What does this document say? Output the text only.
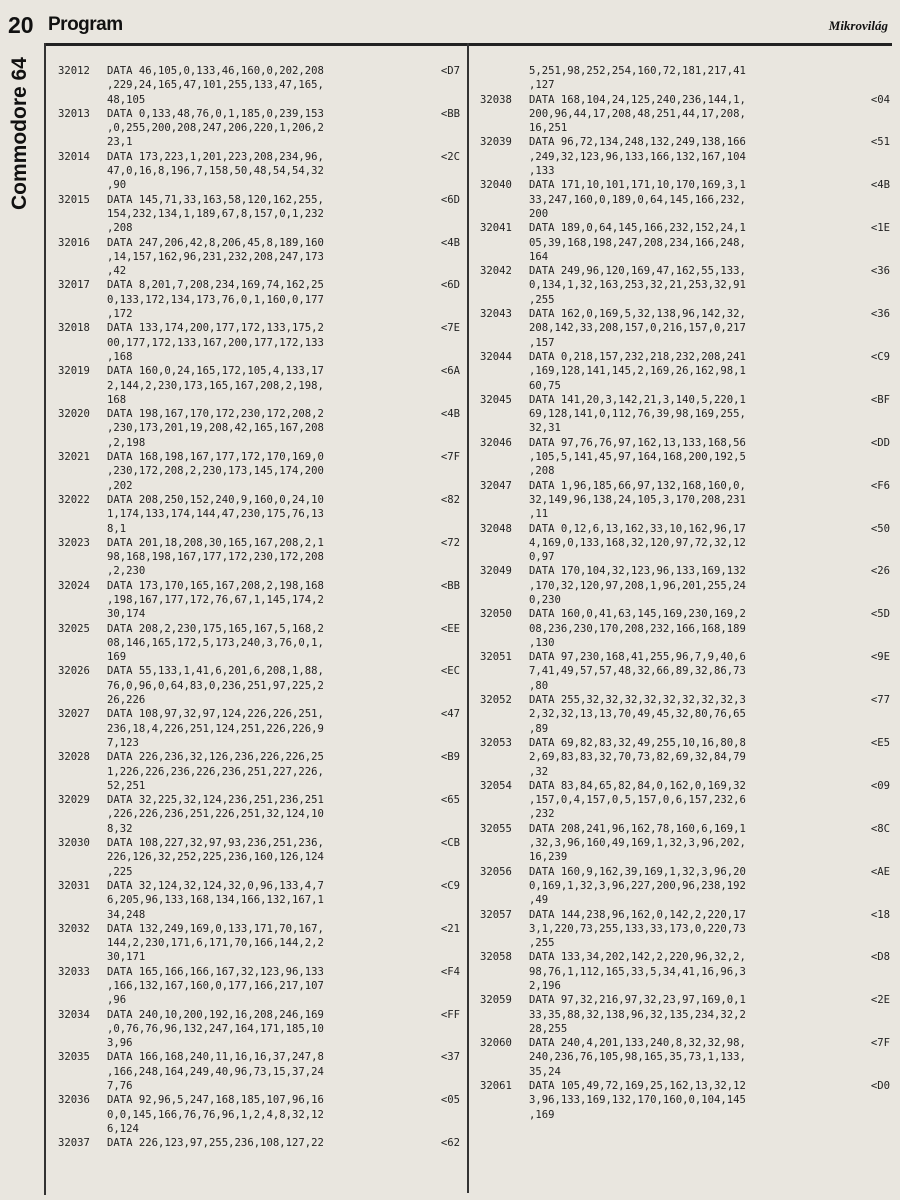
20 Program	Mikrovilág
Commodore 64	32012	<D7
DATA 46,105,0,133,46,160,0,202,208
,229,24,165,47,101,255,133,47,165,
48,105
32013	<BB
DATA 0,133,48,76,0,1,185,0,239,153
,0,255,200,208,247,206,220,1,206,2
23,1
32014	<2C
DATA 173,223,1,201,223,208,234,96,
47,0,16,8,196,7,158,50,48,54,54,32
,90
32015	<6D
DATA 145,71,33,163,58,120,162,255,
154,232,134,1,189,67,8,157,0,1,232
,208
32016	<4B
DATA 247,206,42,8,206,45,8,189,160
,14,157,162,96,231,232,208,247,173
,42
32017	<6D
DATA 8,201,7,208,234,169,74,162,25
0,133,172,134,173,76,0,1,160,0,177
,172
32018	<7E
DATA 133,174,200,177,172,133,175,2
00,177,172,133,167,200,177,172,133
,168
32019	<6A
DATA 160,0,24,165,172,105,4,133,17
2,144,2,230,173,165,167,208,2,198,
168
32020	<4B
DATA 198,167,170,172,230,172,208,2
,230,173,201,19,208,42,165,167,208
,2,198
32021	<7F
DATA 168,198,167,177,172,170,169,0
,230,172,208,2,230,173,145,174,200
,202
32022	<82
DATA 208,250,152,240,9,160,0,24,10
1,174,133,174,144,47,230,175,76,13
8,1
32023	<72
DATA 201,18,208,30,165,167,208,2,1
98,168,198,167,177,172,230,172,208
,2,230
32024	<BB
DATA 173,170,165,167,208,2,198,168
,198,167,177,172,76,67,1,145,174,2
30,174
32025	<EE
DATA 208,2,230,175,165,167,5,168,2
08,146,165,172,5,173,240,3,76,0,1,
169
32026	<EC
DATA 55,133,1,41,6,201,6,208,1,88,
76,0,96,0,64,83,0,236,251,97,225,2
26,226
32027	<47
DATA 108,97,32,97,124,226,226,251,
236,18,4,226,251,124,251,226,226,9
7,123
32028	<B9
DATA 226,236,32,126,236,226,226,25
1,226,226,236,226,236,251,227,226,
52,251
32029	<65
DATA 32,225,32,124,236,251,236,251
,226,226,236,251,226,251,32,124,10
8,32
32030	<CB
DATA 108,227,32,97,93,236,251,236,
226,126,32,252,225,236,160,126,124
,225
32031	<C9
DATA 32,124,32,124,32,0,96,133,4,7
6,205,96,133,168,134,166,132,167,1
34,248
32032	<21
DATA 132,249,169,0,133,171,70,167,
144,2,230,171,6,171,70,166,144,2,2
30,171
32033	<F4
DATA 165,166,166,167,32,123,96,133
,166,132,167,160,0,177,166,217,107
,96
32034	<FF
DATA 240,10,200,192,16,208,246,169
,0,76,76,96,132,247,164,171,185,10
3,96
32035	<37
DATA 166,168,240,11,16,16,37,247,8
,166,248,164,249,40,96,73,15,37,24
7,76
32036	<05
DATA 92,96,5,247,168,185,107,96,16
0,0,145,166,76,76,96,1,2,4,8,32,12
6,124
32037	<62
DATA 226,123,97,255,236,108,127,22
5,251,98,252,254,160,72,181,217,41
,127
32038	<04
DATA 168,104,24,125,240,236,144,1,
200,96,44,17,208,48,251,44,17,208,
16,251
32039	<51
DATA 96,72,134,248,132,249,138,166
,249,32,123,96,133,166,132,167,104
,133
32040	<4B
DATA 171,10,101,171,10,170,169,3,1
33,247,160,0,189,0,64,145,166,232,
200
32041	<1E
DATA 189,0,64,145,166,232,152,24,1
05,39,168,198,247,208,234,166,248,
164
32042	<36
DATA 249,96,120,169,47,162,55,133,
0,134,1,32,163,253,32,21,253,32,91
,255
32043	<36
DATA 162,0,169,5,32,138,96,142,32,
208,142,33,208,157,0,216,157,0,217
,157
32044	<C9
DATA 0,218,157,232,218,232,208,241
,169,128,141,145,2,169,26,162,98,1
60,75
32045	<BF
DATA 141,20,3,142,21,3,140,5,220,1
69,128,141,0,112,76,39,98,169,255,
32,31
32046	<DD
DATA 97,76,76,97,162,13,133,168,56
,105,5,141,45,97,164,168,200,192,5
,208
32047	<F6
DATA 1,96,185,66,97,132,168,160,0,
32,149,96,138,24,105,3,170,208,231
,11
32048	<50
DATA 0,12,6,13,162,33,10,162,96,17
4,169,0,133,168,32,120,97,72,32,12
0,97
32049	<26
DATA 170,104,32,123,96,133,169,132
,170,32,120,97,208,1,96,201,255,24
0,230
32050	<5D
DATA 160,0,41,63,145,169,230,169,2
08,236,230,170,208,232,166,168,189
,130
32051	<9E
DATA 97,230,168,41,255,96,7,9,40,6
7,41,49,57,57,48,32,66,89,32,86,73
,80
32052	<77
DATA 255,32,32,32,32,32,32,32,32,3
2,32,32,13,13,70,49,45,32,80,76,65
,89
32053	<E5
DATA 69,82,83,32,49,255,10,16,80,8
2,69,83,83,32,70,73,82,69,32,84,79
,32
32054	<09
DATA 83,84,65,82,84,0,162,0,169,32
,157,0,4,157,0,5,157,0,6,157,232,6
,232
32055	<8C
DATA 208,241,96,162,78,160,6,169,1
,32,3,96,160,49,169,1,32,3,96,202,
16,239
32056	<AE
DATA 160,9,162,39,169,1,32,3,96,20
0,169,1,32,3,96,227,200,96,238,192
,49
32057	<18
DATA 144,238,96,162,0,142,2,220,17
3,1,220,73,255,133,33,173,0,220,73
,255
32058	<D8
DATA 133,34,202,142,2,220,96,32,2,
98,76,1,112,165,33,5,34,41,16,96,3
2,196
32059	<2E
DATA 97,32,216,97,32,23,97,169,0,1
33,35,88,32,138,96,32,135,234,32,2
28,255
32060	<7F
DATA 240,4,201,133,240,8,32,32,98,
240,236,76,105,98,165,35,73,1,133,
35,24
32061	<D0
DATA 105,49,72,169,25,162,13,32,12
3,96,133,169,132,170,160,0,104,145
,169
